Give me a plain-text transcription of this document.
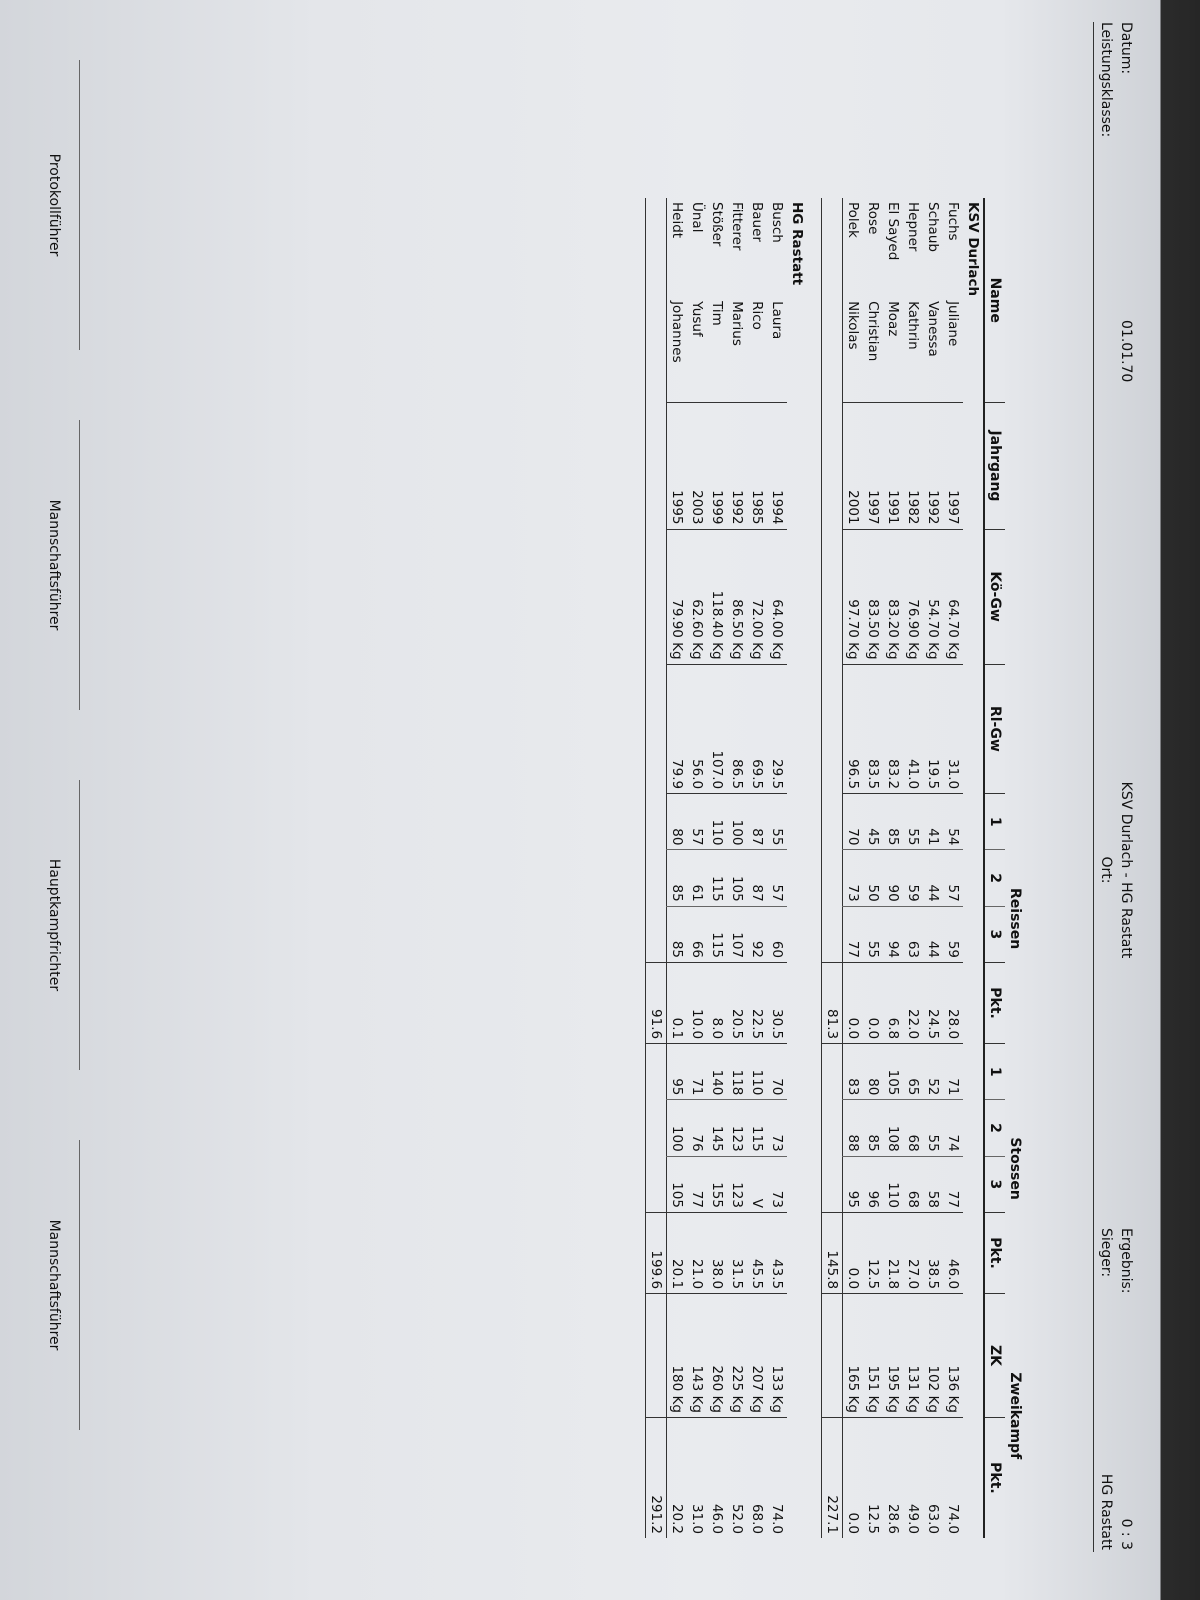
Datum:
01.01.70
Leistungsklasse:
KSV Durlach - HG Rastatt
Ort:
Ergebnis:
0 : 3
Sieger:
HG Rastatt
					Reissen				Stossen				Zweikampf	
Name		Jahrgang	Kö-Gw	Rl-Gw	1	2	3	Pkt.	1	2	3	Pkt.	ZK	Pkt.
KSV Durlach														
Fuchs	Juliane	1997	64.70 Kg	31.0	54	57	59	28.0	71	74	77	46.0	136 Kg	74.0
Schaub	Vanessa	1992	54.70 Kg	19.5	41	44	44	24.5	52	55	58	38.5	102 Kg	63.0
Hepner	Kathrin	1982	76.90 Kg	41.0	55	59	63	22.0	65	68	68	27.0	131 Kg	49.0
El Sayed	Moaz	1991	83.20 Kg	83.2	85	90	94	6.8	105	108	110	21.8	195 Kg	28.6
Rose	Christian	1997	83.50 Kg	83.5	45	50	55	0.0	80	85	96	12.5	151 Kg	12.5
Polek	Nikolas	2001	97.70 Kg	96.5	70	73	77	0.0	83	88	95	0.0	165 Kg	0.0
								81.3				145.8		227.1

HG Rastatt														
Busch	Laura	1994	64.00 Kg	29.5	55	57	60	30.5	70	73	73	43.5	133 Kg	74.0
Bauer	Rico	1985	72.00 Kg	69.5	87	87	92	22.5	110	115	V	45.5	207 Kg	68.0
Fitterer	Marius	1992	86.50 Kg	86.5	100	105	107	20.5	118	123	123	31.5	225 Kg	52.0
Stößer	Tim	1999	118.40 Kg	107.0	110	115	115	8.0	140	145	155	38.0	260 Kg	46.0
Ünal	Yusuf	2003	62.60 Kg	56.0	57	61	66	10.0	71	76	77	21.0	143 Kg	31.0
Heidt	Johannes	1995	79.90 Kg	79.9	80	85	85	0.1	95	100	105	20.1	180 Kg	20.2
								91.6				199.6		291.2
Protokollführer
Mannschaftsführer
Hauptkampfrichter
Mannschaftsführer
